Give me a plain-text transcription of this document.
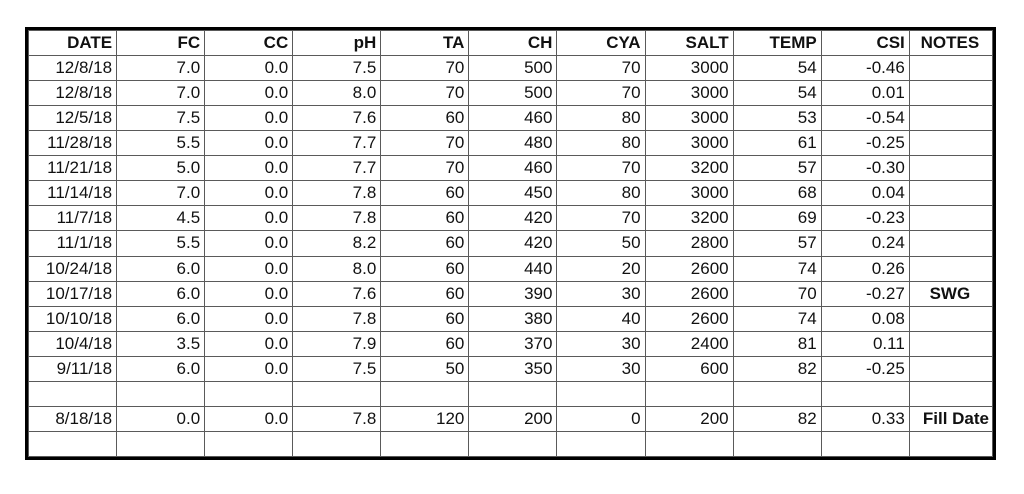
DATE	FC	CC	pH	TA	CH	CYA	SALT	TEMP	CSI	NOTES
12/8/18	7.0	0.0	7.5	70	500	70	3000	54	-0.46	
12/8/18	7.0	0.0	8.0	70	500	70	3000	54	0.01	
12/5/18	7.5	0.0	7.6	60	460	80	3000	53	-0.54	
11/28/18	5.5	0.0	7.7	70	480	80	3000	61	-0.25	
11/21/18	5.0	0.0	7.7	70	460	70	3200	57	-0.30	
11/14/18	7.0	0.0	7.8	60	450	80	3000	68	0.04	
11/7/18	4.5	0.0	7.8	60	420	70	3200	69	-0.23	
11/1/18	5.5	0.0	8.2	60	420	50	2800	57	0.24	
10/24/18	6.0	0.0	8.0	60	440	20	2600	74	0.26	
10/17/18	6.0	0.0	7.6	60	390	30	2600	70	-0.27	SWG
10/10/18	6.0	0.0	7.8	60	380	40	2600	74	0.08	
10/4/18	3.5	0.0	7.9	60	370	30	2400	81	0.11	
9/11/18	6.0	0.0	7.5	50	350	30	600	82	-0.25	

8/18/18	0.0	0.0	7.8	120	200	0	200	82	0.33	Fill Date
